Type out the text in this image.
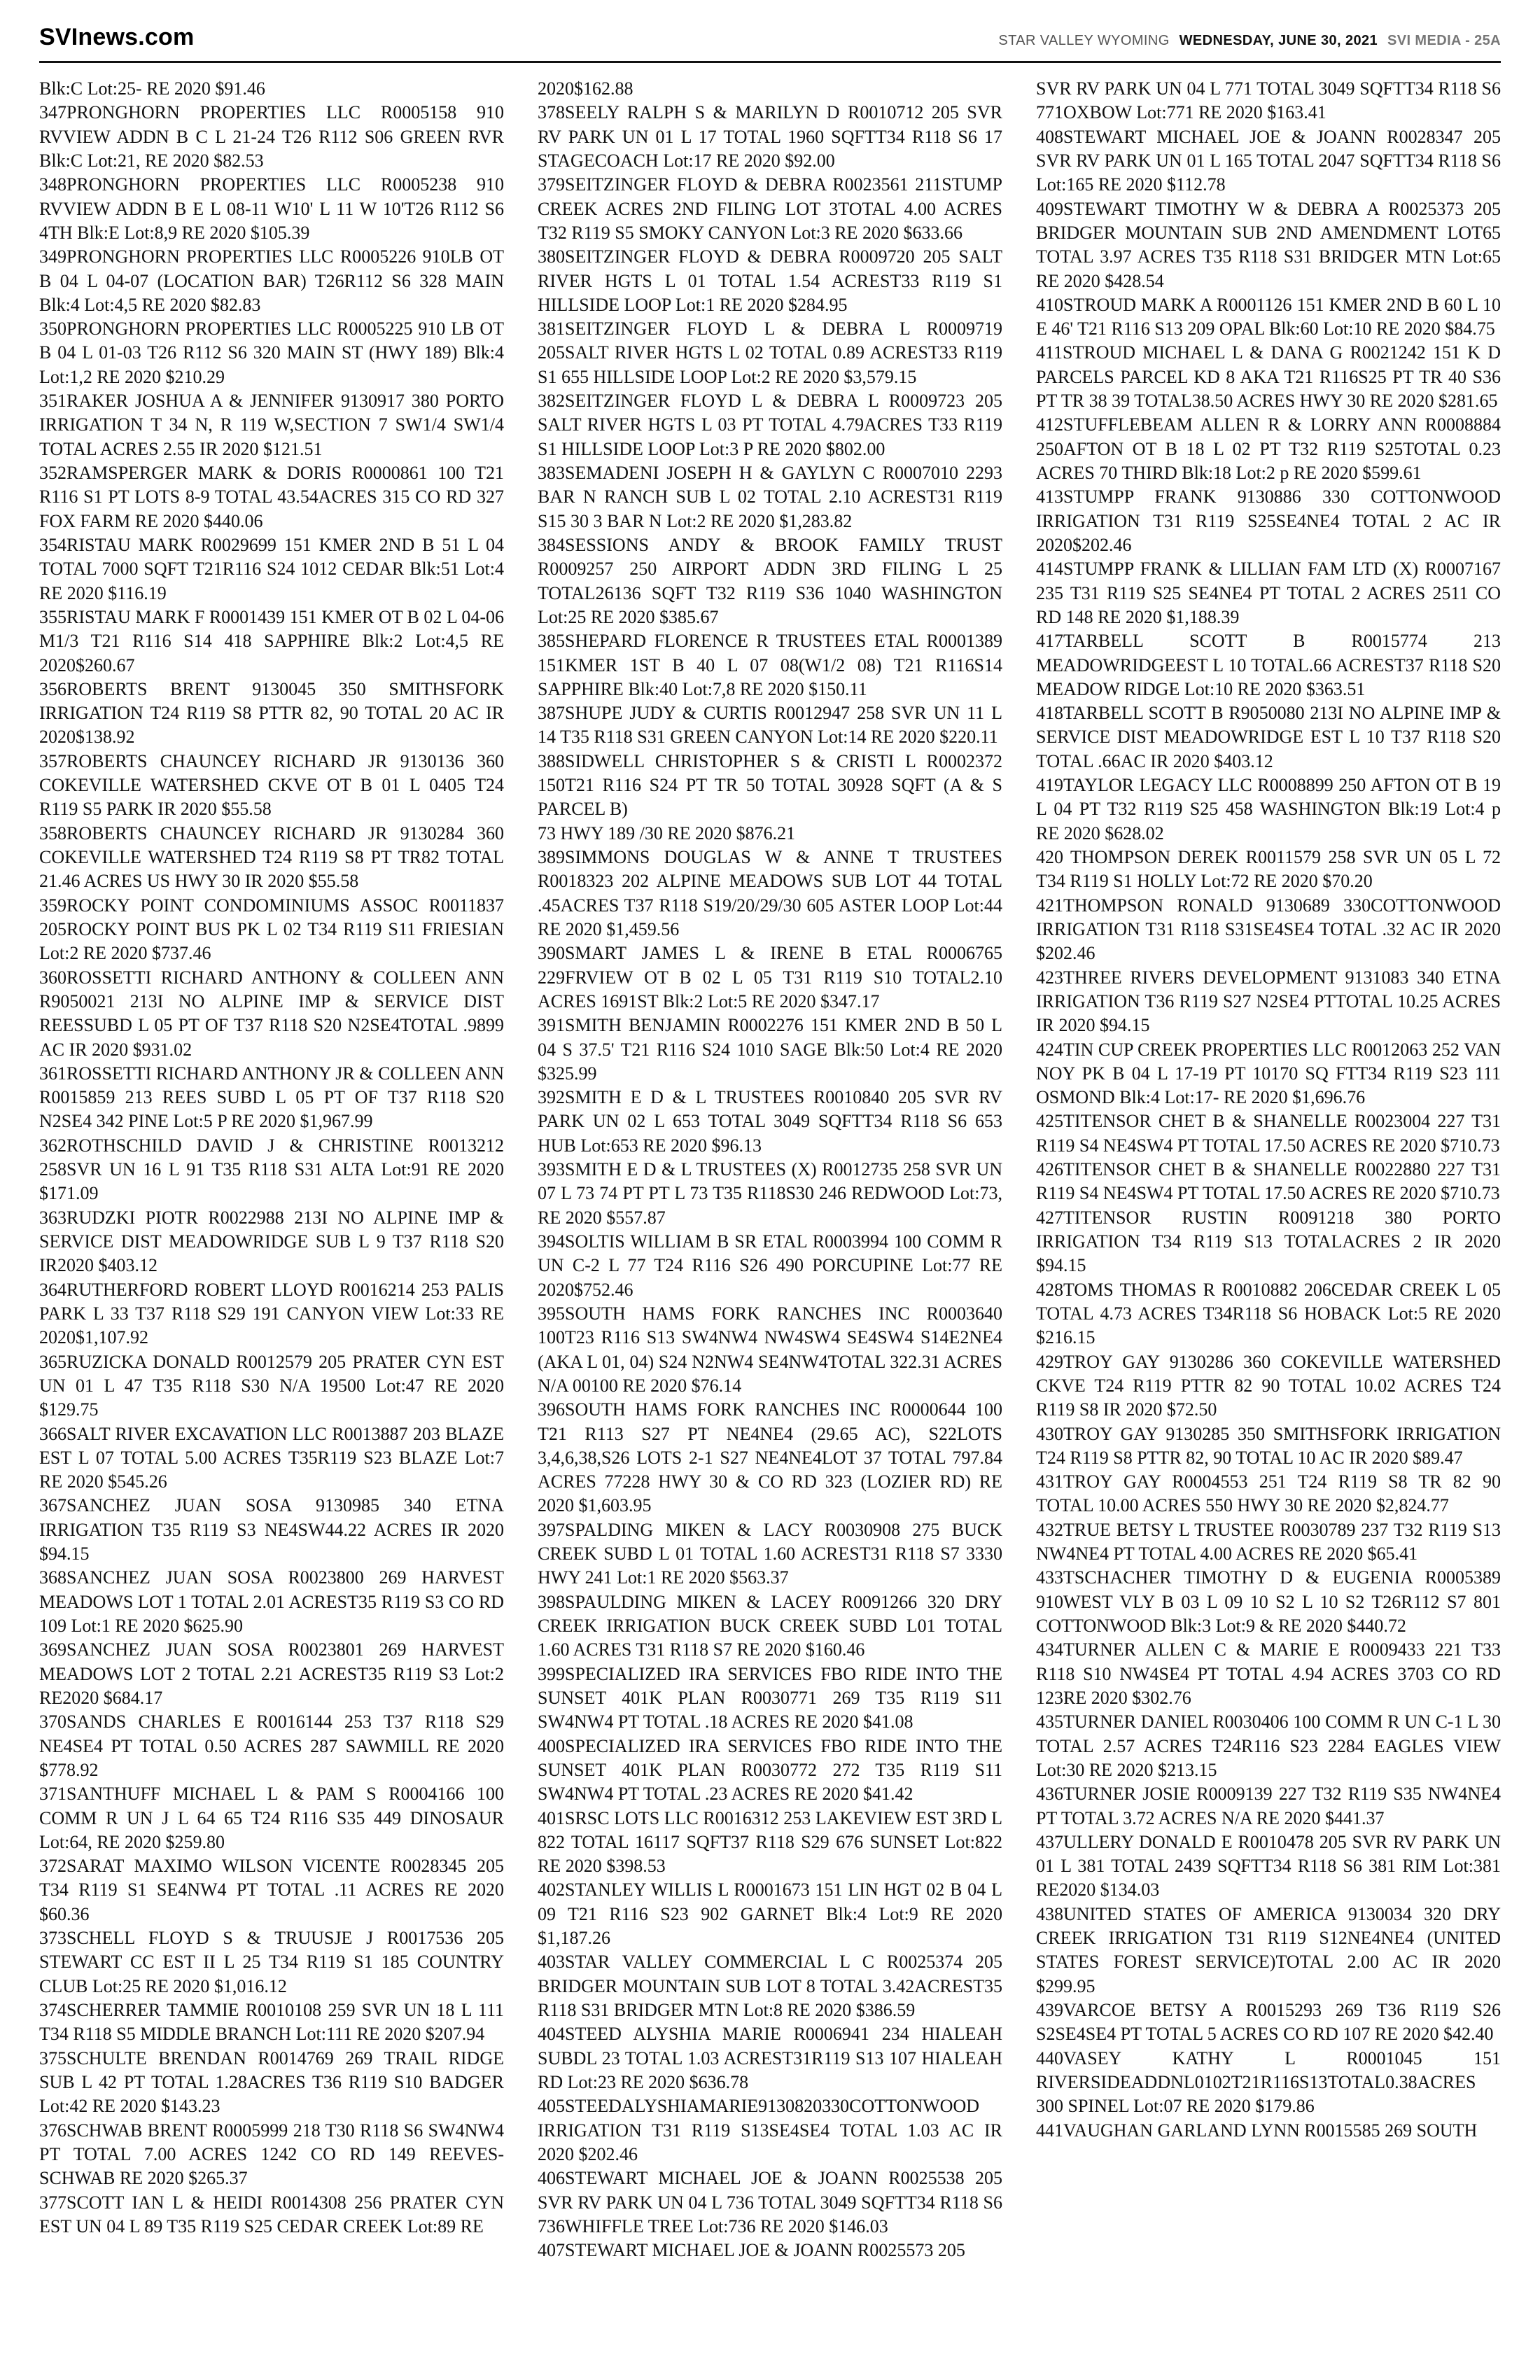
SVInews.com	STAR VALLEY WYOMING WEDNESDAY, JUNE 30, 2021 SVI MEDIA - 25A

Blk:C Lot:25- RE 2020 $91.46

347PRONGHORN PROPERTIES LLC R0005158 910 RVVIEW ADDN B C L 21-24 T26 R112 S06 GREEN RVR Blk:C Lot:21, RE 2020 $82.53

348PRONGHORN PROPERTIES LLC R0005238 910 RVVIEW ADDN B E L 08-11 W10' L 11 W 10'T26 R112 S6 4TH Blk:E Lot:8,9 RE 2020 $105.39

349PRONGHORN PROPERTIES LLC R0005226 910LB OT B 04 L 04-07 (LOCATION BAR) T26R112 S6 328 MAIN Blk:4 Lot:4,5 RE 2020 $82.83

350PRONGHORN PROPERTIES LLC R0005225 910 LB OT B 04 L 01-03 T26 R112 S6 320 MAIN ST (HWY 189) Blk:4 Lot:1,2 RE 2020 $210.29

351RAKER JOSHUA A & JENNIFER 9130917 380 PORTO IRRIGATION T 34 N, R 119 W,SECTION 7 SW1/4 SW1/4 TOTAL ACRES 2.55 IR 2020 $121.51

352RAMSPERGER MARK & DORIS R0000861 100 T21 R116 S1 PT LOTS 8-9 TOTAL 43.54ACRES 315 CO RD 327 FOX FARM RE 2020 $440.06

354RISTAU MARK R0029699 151 KMER 2ND B 51 L 04 TOTAL 7000 SQFT T21R116 S24 1012 CEDAR Blk:51 Lot:4 RE 2020 $116.19

355RISTAU MARK F R0001439 151 KMER OT B 02 L 04-06 M1/3 T21 R116 S14 418 SAPPHIRE Blk:2 Lot:4,5 RE 2020$260.67

356ROBERTS BRENT 9130045 350 SMITHSFORK IRRIGATION T24 R119 S8 PTTR 82, 90 TOTAL 20 AC IR 2020$138.92

357ROBERTS CHAUNCEY RICHARD JR 9130136 360 COKEVILLE WATERSHED CKVE OT B 01 L 0405 T24 R119 S5 PARK IR 2020 $55.58

358ROBERTS CHAUNCEY RICHARD JR 9130284 360 COKEVILLE WATERSHED T24 R119 S8 PT TR82 TOTAL 21.46 ACRES US HWY 30 IR 2020 $55.58

359ROCKY POINT CONDOMINIUMS ASSOC R0011837 205ROCKY POINT BUS PK L 02 T34 R119 S11 FRIESIAN Lot:2 RE 2020 $737.46

360ROSSETTI RICHARD ANTHONY & COLLEEN ANN R9050021 213I NO ALPINE IMP & SERVICE DIST REESSUBD L 05 PT OF T37 R118 S20 N2SE4TOTAL .9899 AC IR 2020 $931.02

361ROSSETTI RICHARD ANTHONY JR & COLLEEN ANN R0015859 213 REES SUBD L 05 PT OF T37 R118 S20 N2SE4 342 PINE Lot:5 P RE 2020 $1,967.99

362ROTHSCHILD DAVID J & CHRISTINE R0013212 258SVR UN 16 L 91 T35 R118 S31 ALTA Lot:91 RE 2020 $171.09

363RUDZKI PIOTR R0022988 213I NO ALPINE IMP & SERVICE DIST MEADOWRIDGE SUB L 9 T37 R118 S20 IR2020 $403.12

364RUTHERFORD ROBERT LLOYD R0016214 253 PALIS PARK L 33 T37 R118 S29 191 CANYON VIEW Lot:33 RE 2020$1,107.92

365RUZICKA DONALD R0012579 205 PRATER CYN EST UN 01 L 47 T35 R118 S30 N/A 19500 Lot:47 RE 2020 $129.75

366SALT RIVER EXCAVATION LLC R0013887 203 BLAZE EST L 07 TOTAL 5.00 ACRES T35R119 S23 BLAZE Lot:7 RE 2020 $545.26

367SANCHEZ JUAN SOSA 9130985 340 ETNA IRRIGATION T35 R119 S3 NE4SW44.22 ACRES IR 2020 $94.15

368SANCHEZ JUAN SOSA R0023800 269 HARVEST MEADOWS LOT 1 TOTAL 2.01 ACREST35 R119 S3 CO RD 109 Lot:1 RE 2020 $625.90

369SANCHEZ JUAN SOSA R0023801 269 HARVEST MEADOWS LOT 2 TOTAL 2.21 ACREST35 R119 S3 Lot:2 RE2020 $684.17

370SANDS CHARLES E R0016144 253 T37 R118 S29 NE4SE4 PT TOTAL 0.50 ACRES 287 SAWMILL RE 2020 $778.92

371SANTHUFF MICHAEL L & PAM S R0004166 100 COMM R UN J L 64 65 T24 R116 S35 449 DINOSAUR Lot:64, RE 2020 $259.80

372SARAT MAXIMO WILSON VICENTE R0028345 205 T34 R119 S1 SE4NW4 PT TOTAL .11 ACRES RE 2020 $60.36

373SCHELL FLOYD S & TRUUSJE J R0017536 205 STEWART CC EST II L 25 T34 R119 S1 185 COUNTRY CLUB Lot:25 RE 2020 $1,016.12

374SCHERRER TAMMIE R0010108 259 SVR UN 18 L 111 T34 R118 S5 MIDDLE BRANCH Lot:111 RE 2020 $207.94

375SCHULTE BRENDAN R0014769 269 TRAIL RIDGE SUB L 42 PT TOTAL 1.28ACRES T36 R119 S10 BADGER Lot:42 RE 2020 $143.23

376SCHWAB BRENT R0005999 218 T30 R118 S6 SW4NW4 PT TOTAL 7.00 ACRES 1242 CO RD 149 REEVES-SCHWAB RE 2020 $265.37

377SCOTT IAN L & HEIDI R0014308 256 PRATER CYN EST UN 04 L 89 T35 R119 S25 CEDAR CREEK Lot:89 RE

2020$162.88

378SEELY RALPH S & MARILYN D R0010712 205 SVR RV PARK UN 01 L 17 TOTAL 1960 SQFTT34 R118 S6 17 STAGECOACH Lot:17 RE 2020 $92.00

379SEITZINGER FLOYD & DEBRA R0023561 211STUMP CREEK ACRES 2ND FILING LOT 3TOTAL 4.00 ACRES T32 R119 S5 SMOKY CANYON Lot:3 RE 2020 $633.66

380SEITZINGER FLOYD & DEBRA R0009720 205 SALT RIVER HGTS L 01 TOTAL 1.54 ACREST33 R119 S1 HILLSIDE LOOP Lot:1 RE 2020 $284.95

381SEITZINGER FLOYD L & DEBRA L R0009719 205SALT RIVER HGTS L 02 TOTAL 0.89 ACREST33 R119 S1 655 HILLSIDE LOOP Lot:2 RE 2020 $3,579.15

382SEITZINGER FLOYD L & DEBRA L R0009723 205 SALT RIVER HGTS L 03 PT TOTAL 4.79ACRES T33 R119 S1 HILLSIDE LOOP Lot:3 P RE 2020 $802.00

383SEMADENI JOSEPH H & GAYLYN C R0007010 2293 BAR N RANCH SUB L 02 TOTAL 2.10 ACREST31 R119 S15 30 3 BAR N Lot:2 RE 2020 $1,283.82

384SESSIONS ANDY & BROOK FAMILY TRUST R0009257 250 AIRPORT ADDN 3RD FILING L 25 TOTAL26136 SQFT T32 R119 S36 1040 WASHINGTON Lot:25 RE 2020 $385.67

385SHEPARD FLORENCE R TRUSTEES ETAL R0001389 151KMER 1ST B 40 L 07 08(W1/2 08) T21 R116S14 SAPPHIRE Blk:40 Lot:7,8 RE 2020 $150.11

387SHUPE JUDY & CURTIS R0012947 258 SVR UN 11 L 14 T35 R118 S31 GREEN CANYON Lot:14 RE 2020 $220.11

388SIDWELL CHRISTOPHER S & CRISTI L R0002372 150T21 R116 S24 PT TR 50 TOTAL 30928 SQFT (A & S PARCEL B)

73 HWY 189 /30 RE 2020 $876.21

389SIMMONS DOUGLAS W & ANNE T TRUSTEES R0018323 202 ALPINE MEADOWS SUB LOT 44 TOTAL .45ACRES T37 R118 S19/20/29/30 605 ASTER LOOP Lot:44 RE 2020 $1,459.56

390SMART JAMES L & IRENE B ETAL R0006765 229FRVIEW OT B 02 L 05 T31 R119 S10 TOTAL2.10 ACRES 1691ST Blk:2 Lot:5 RE 2020 $347.17

391SMITH BENJAMIN R0002276 151 KMER 2ND B 50 L 04 S 37.5' T21 R116 S24 1010 SAGE Blk:50 Lot:4 RE 2020 $325.99

392SMITH E D & L TRUSTEES R0010840 205 SVR RV PARK UN 02 L 653 TOTAL 3049 SQFTT34 R118 S6 653 HUB Lot:653 RE 2020 $96.13

393SMITH E D & L TRUSTEES (X) R0012735 258 SVR UN 07 L 73 74 PT PT L 73 T35 R118S30 246 REDWOOD Lot:73, RE 2020 $557.87

394SOLTIS WILLIAM B SR ETAL R0003994 100 COMM R UN C-2 L 77 T24 R116 S26 490 PORCUPINE Lot:77 RE 2020$752.46

395SOUTH HAMS FORK RANCHES INC R0003640 100T23 R116 S13 SW4NW4 NW4SW4 SE4SW4 S14E2NE4 (AKA L 01, 04) S24 N2NW4 SE4NW4TOTAL 322.31 ACRES N/A 00100 RE 2020 $76.14

396SOUTH HAMS FORK RANCHES INC R0000644 100 T21 R113 S27 PT NE4NE4 (29.65 AC), S22LOTS 3,4,6,38,S26 LOTS 2-1 S27 NE4NE4LOT 37 TOTAL 797.84 ACRES 77228 HWY 30 & CO RD 323 (LOZIER RD) RE 2020 $1,603.95

397SPALDING MIKEN & LACY R0030908 275 BUCK CREEK SUBD L 01 TOTAL 1.60 ACREST31 R118 S7 3330 HWY 241 Lot:1 RE 2020 $563.37

398SPAULDING MIKEN & LACEY R0091266 320 DRY CREEK IRRIGATION BUCK CREEK SUBD L01 TOTAL 1.60 ACRES T31 R118 S7 RE 2020 $160.46

399SPECIALIZED IRA SERVICES FBO RIDE INTO THE SUNSET 401K PLAN R0030771 269 T35 R119 S11 SW4NW4 PT TOTAL .18 ACRES RE 2020 $41.08

400SPECIALIZED IRA SERVICES FBO RIDE INTO THE SUNSET 401K PLAN R0030772 272 T35 R119 S11 SW4NW4 PT TOTAL .23 ACRES RE 2020 $41.42

401SRSC LOTS LLC R0016312 253 LAKEVIEW EST 3RD L 822 TOTAL 16117 SQFT37 R118 S29 676 SUNSET Lot:822 RE 2020 $398.53

402STANLEY WILLIS L R0001673 151 LIN HGT 02 B 04 L 09 T21 R116 S23 902 GARNET Blk:4 Lot:9 RE 2020 $1,187.26

403STAR VALLEY COMMERCIAL L C R0025374 205 BRIDGER MOUNTAIN SUB LOT 8 TOTAL 3.42ACREST35 R118 S31 BRIDGER MTN Lot:8 RE 2020 $386.59

404STEED ALYSHIA MARIE R0006941 234 HIALEAH SUBDL 23 TOTAL 1.03 ACREST31R119 S13 107 HIALEAH RD Lot:23 RE 2020 $636.78

405STEEDALYSHIAMARIE9130820330COTTONWOOD IRRIGATION T31 R119 S13SE4SE4 TOTAL 1.03 AC IR 2020 $202.46

406STEWART MICHAEL JOE & JOANN R0025538 205 SVR RV PARK UN 04 L 736 TOTAL 3049 SQFTT34 R118 S6 736WHIFFLE TREE Lot:736 RE 2020 $146.03

407STEWART MICHAEL JOE & JOANN R0025573 205

SVR RV PARK UN 04 L 771 TOTAL 3049 SQFTT34 R118 S6 771OXBOW Lot:771 RE 2020 $163.41

408STEWART MICHAEL JOE & JOANN R0028347 205 SVR RV PARK UN 01 L 165 TOTAL 2047 SQFTT34 R118 S6 Lot:165 RE 2020 $112.78

409STEWART TIMOTHY W & DEBRA A R0025373 205 BRIDGER MOUNTAIN SUB 2ND AMENDMENT LOT65 TOTAL 3.97 ACRES T35 R118 S31 BRIDGER MTN Lot:65 RE 2020 $428.54

410STROUD MARK A R0001126 151 KMER 2ND B 60 L 10 E 46' T21 R116 S13 209 OPAL Blk:60 Lot:10 RE 2020 $84.75

411STROUD MICHAEL L & DANA G R0021242 151 K D PARCELS PARCEL KD 8 AKA T21 R116S25 PT TR 40 S36 PT TR 38 39 TOTAL38.50 ACRES HWY 30 RE 2020 $281.65

412STUFFLEBEAM ALLEN R & LORRY ANN R0008884 250AFTON OT B 18 L 02 PT T32 R119 S25TOTAL 0.23 ACRES 70 THIRD Blk:18 Lot:2 p RE 2020 $599.61

413STUMPP FRANK 9130886 330 COTTONWOOD IRRIGATION T31 R119 S25SE4NE4 TOTAL 2 AC IR 2020$202.46

414STUMPP FRANK & LILLIAN FAM LTD (X) R0007167 235 T31 R119 S25 SE4NE4 PT TOTAL 2 ACRES 2511 CO RD 148 RE 2020 $1,188.39

417TARBELL SCOTT B R0015774 213 MEADOWRIDGEEST L 10 TOTAL.66 ACREST37 R118 S20 MEADOW RIDGE Lot:10 RE 2020 $363.51

418TARBELL SCOTT B R9050080 213I NO ALPINE IMP & SERVICE DIST MEADOWRIDGE EST L 10 T37 R118 S20 TOTAL .66AC IR 2020 $403.12

419TAYLOR LEGACY LLC R0008899 250 AFTON OT B 19 L 04 PT T32 R119 S25 458 WASHINGTON Blk:19 Lot:4 p RE 2020 $628.02

420 THOMPSON DEREK R0011579 258 SVR UN 05 L 72 T34 R119 S1 HOLLY Lot:72 RE 2020 $70.20

421THOMPSON RONALD 9130689 330COTTONWOOD IRRIGATION T31 R118 S31SE4SE4 TOTAL .32 AC IR 2020 $202.46

423THREE RIVERS DEVELOPMENT 9131083 340 ETNA IRRIGATION T36 R119 S27 N2SE4 PTTOTAL 10.25 ACRES IR 2020 $94.15

424TIN CUP CREEK PROPERTIES LLC R0012063 252 VAN NOY PK B 04 L 17-19 PT 10170 SQ FTT34 R119 S23 111 OSMOND Blk:4 Lot:17- RE 2020 $1,696.76

425TITENSOR CHET B & SHANELLE R0023004 227 T31 R119 S4 NE4SW4 PT TOTAL 17.50 ACRES RE 2020 $710.73

426TITENSOR CHET B & SHANELLE R0022880 227 T31 R119 S4 NE4SW4 PT TOTAL 17.50 ACRES RE 2020 $710.73

427TITENSOR RUSTIN R0091218 380 PORTO IRRIGATION T34 R119 S13 TOTALACRES 2 IR 2020 $94.15

428TOMS THOMAS R R0010882 206CEDAR CREEK L 05 TOTAL 4.73 ACRES T34R118 S6 HOBACK Lot:5 RE 2020 $216.15

429TROY GAY 9130286 360 COKEVILLE WATERSHED CKVE T24 R119 PTTR 82 90 TOTAL 10.02 ACRES T24 R119 S8 IR 2020 $72.50

430TROY GAY 9130285 350 SMITHSFORK IRRIGATION T24 R119 S8 PTTR 82, 90 TOTAL 10 AC IR 2020 $89.47

431TROY GAY R0004553 251 T24 R119 S8 TR 82 90 TOTAL 10.00 ACRES 550 HWY 30 RE 2020 $2,824.77

432TRUE BETSY L TRUSTEE R0030789 237 T32 R119 S13 NW4NE4 PT TOTAL 4.00 ACRES RE 2020 $65.41

433TSCHACHER TIMOTHY D & EUGENIA R0005389 910WEST VLY B 03 L 09 10 S2 L 10 S2 T26R112 S7 801 COTTONWOOD Blk:3 Lot:9 & RE 2020 $440.72

434TURNER ALLEN C & MARIE E R0009433 221 T33 R118 S10 NW4SE4 PT TOTAL 4.94 ACRES 3703 CO RD 123RE 2020 $302.76

435TURNER DANIEL R0030406 100 COMM R UN C-1 L 30 TOTAL 2.57 ACRES T24R116 S23 2284 EAGLES VIEW Lot:30 RE 2020 $213.15

436TURNER JOSIE R0009139 227 T32 R119 S35 NW4NE4 PT TOTAL 3.72 ACRES N/A RE 2020 $441.37

437ULLERY DONALD E R0010478 205 SVR RV PARK UN 01 L 381 TOTAL 2439 SQFTT34 R118 S6 381 RIM Lot:381 RE2020 $134.03

438UNITED STATES OF AMERICA 9130034 320 DRY CREEK IRRIGATION T31 R119 S12NE4NE4 (UNITED STATES FOREST SERVICE)TOTAL 2.00 AC IR 2020 $299.95

439VARCOE BETSY A R0015293 269 T36 R119 S26 S2SE4SE4 PT TOTAL 5 ACRES CO RD 107 RE 2020 $42.40

440VASEY KATHY L R0001045 151 RIVERSIDEADDNL0102T21R116S13TOTAL0.38ACRES 300 SPINEL Lot:07 RE 2020 $179.86

441VAUGHAN GARLAND LYNN R0015585 269 SOUTH
